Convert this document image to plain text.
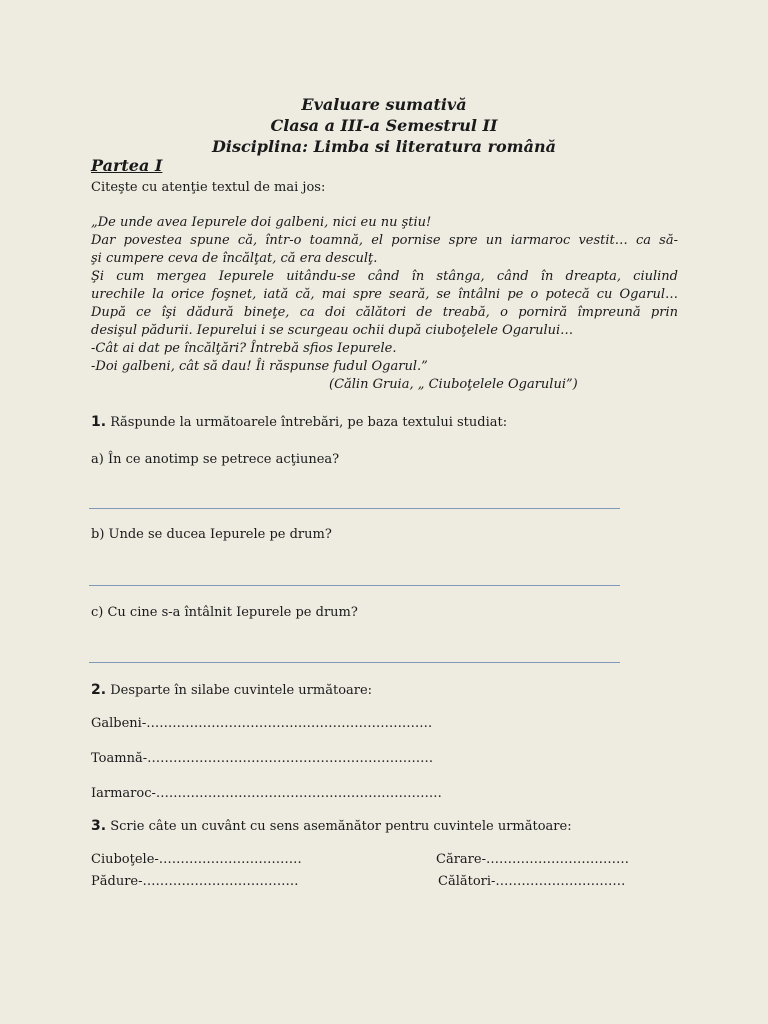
Evaluare sumativă
Clasa a III-a Semestrul II
Disciplina: Limba si literatura română
Partea I
Citeşte cu atenţie textul de mai jos:
„De unde avea Iepurele doi galbeni, nici eu nu ştiu!
Dar povestea spune că, într-o toamnă, el pornise spre un iarmaroc vestit… ca să-
şi cumpere ceva de încălţat, că era desculţ.
Şi cum mergea Iepurele uitându-se când în stânga, când în dreapta, ciulind
urechile la orice foşnet, iată că, mai spre seară, se întâlni pe o potecă cu Ogarul…
După ce îşi dădură bineţe, ca doi călători de treabă, o porniră împreună prin
desişul pădurii. Iepurelui i se scurgeau ochii după ciuboţelele Ogarului…
-Cât ai dat pe încălţări? Întrebă sfios Iepurele.
-Doi galbeni, cât să dau! Îi răspunse fudul Ogarul.”
(Călin Gruia, „ Ciuboţelele Ogarului”)
1. Răspunde la următoarele întrebări, pe baza textului studiat:
a) În ce anotimp se petrece acţiunea?
b) Unde se ducea Iepurele pe drum?
c) Cu cine s-a întâlnit Iepurele pe drum?
2. Desparte în silabe cuvintele următoare:
Galbeni-…………………………………………………………
Toamnă-…………………………………………………………
Iarmaroc-…………………………………………………………
3. Scrie câte un cuvânt cu sens asemănător pentru cuvintele următoare:
Ciuboţele-……………………………	Cărare-……………………………
Pădure-………………………………	Călători-…………………………
